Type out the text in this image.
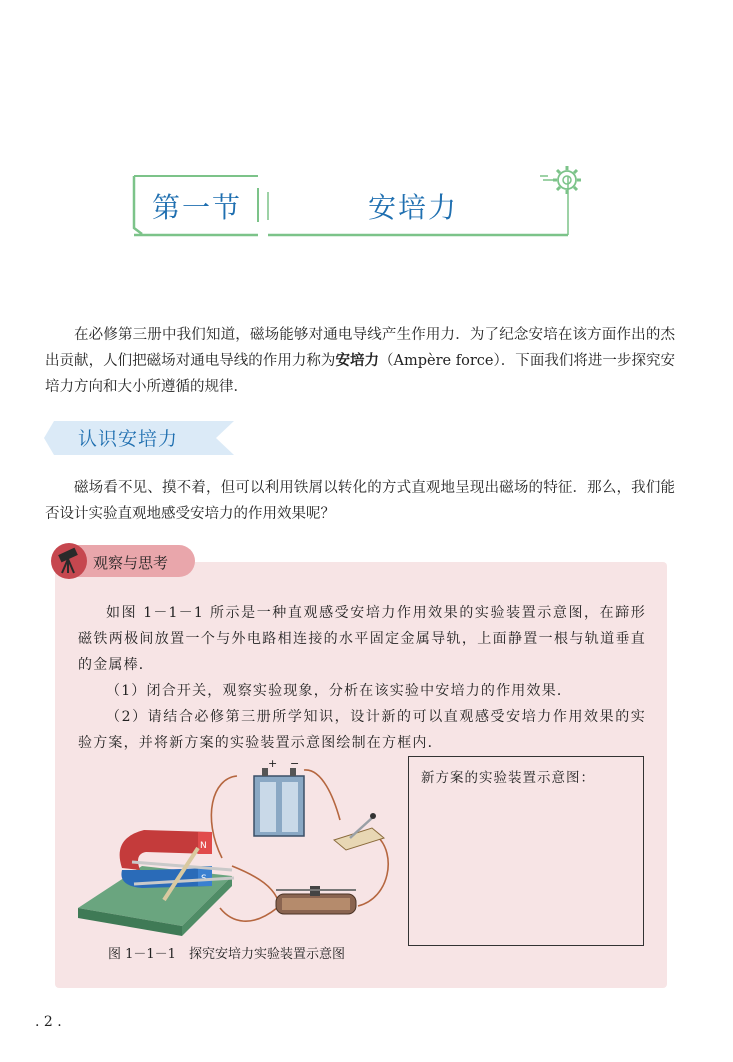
第一节	安培力

在必修第三册中我们知道，磁场能够对通电导线产生作用力．为了纪念安培在该方面作出的杰出贡献，人们把磁场对通电导线的作用力称为安培力（Ampère force）．下面我们将进一步探究安培力方向和大小所遵循的规律．

认识安培力

磁场看不见、摸不着，但可以利用铁屑以转化的方式直观地呈现出磁场的特征．那么，我们能否设计实验直观地感受安培力的作用效果呢？

观察与思考

如图 1－1－1 所示是一种直观感受安培力作用效果的实验装置示意图，在蹄形磁铁两极间放置一个与外电路相连接的水平固定金属导轨，上面静置一根与轨道垂直的金属棒．

（1）闭合开关，观察实验现象，分析在该实验中安培力的作用效果．

（2）请结合必修第三册所学知识，设计新的可以直观感受安培力作用效果的实验方案，并将新方案的实验装置示意图绘制在方框内．

新方案的实验装置示意图：
N
+ −
图 1－1－1　探究安培力实验装置示意图
. 2 .
